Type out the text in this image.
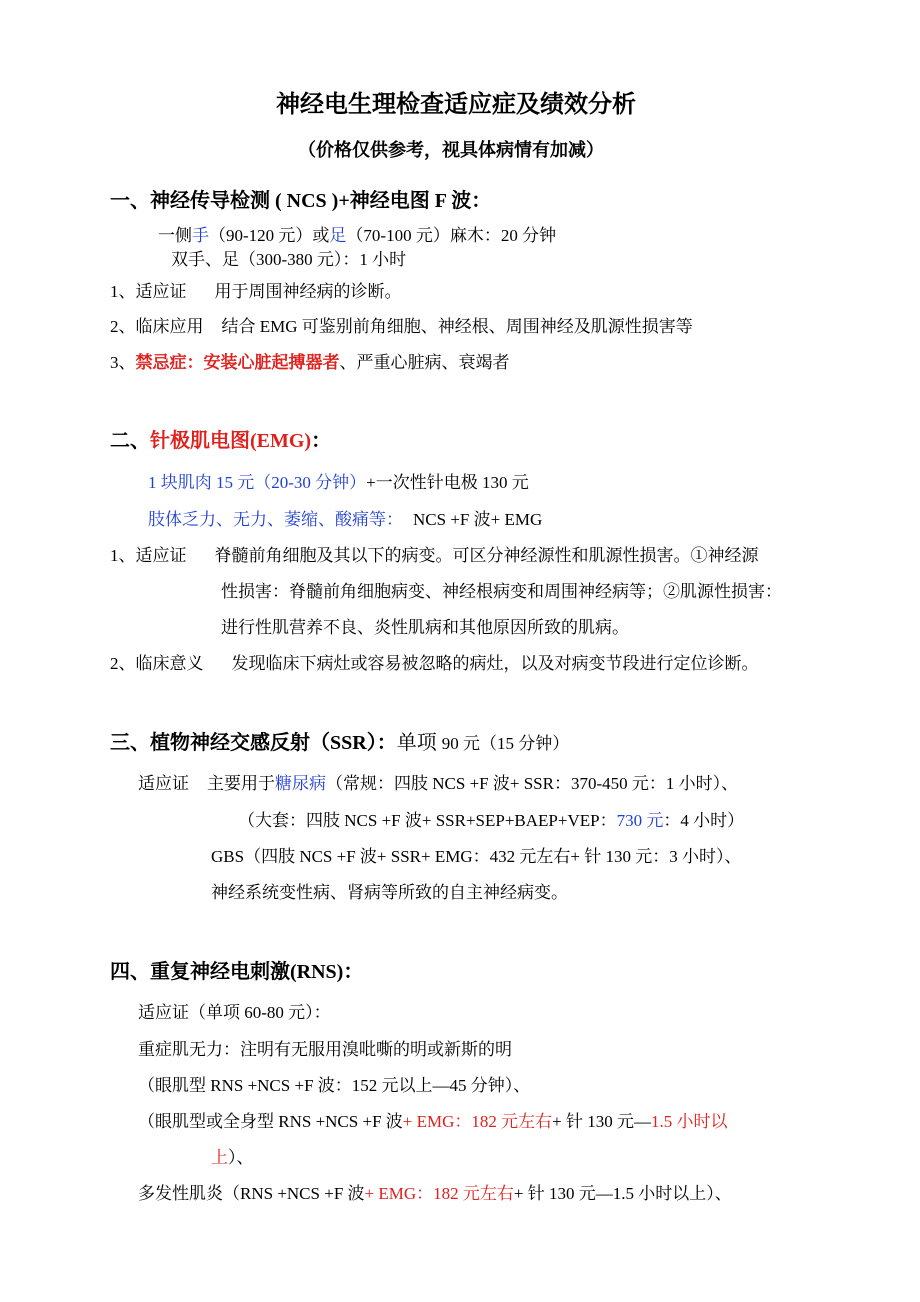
神经电生理检查适应症及绩效分析
（价格仅供参考，视具体病情有加减）
一、神经传导检测 ( NCS )+神经电图 F 波：
一侧手（90-120 元）或足（70-100 元）麻木：20 分钟
双手、足（300-380 元）：1 小时
1、适应证 用于周围神经病的诊断。
2、临床应用 结合 EMG 可鉴别前角细胞、神经根、周围神经及肌源性损害等
3、禁忌症：安装心脏起搏器者、严重心脏病、衰竭者
二、针极肌电图(EMG)：
1 块肌肉 15 元（20-30 分钟）+一次性针电极 130 元
肢体乏力、无力、萎缩、酸痛等： NCS +F 波+ EMG
1、适应证 脊髓前角细胞及其以下的病变。可区分神经源性和肌源性损害。①神经源
性损害：脊髓前角细胞病变、神经根病变和周围神经病等；②肌源性损害：
进行性肌营养不良、炎性肌病和其他原因所致的肌病。
2、临床意义 发现临床下病灶或容易被忽略的病灶，以及对病变节段进行定位诊断。
三、植物神经交感反射（SSR）：单项 90 元（15 分钟）
适应证 主要用于糖尿病（常规：四肢 NCS +F 波+ SSR：370-450 元：1 小时）、
（大套：四肢 NCS +F 波+ SSR+SEP+BAEP+VEP：730 元：4 小时）
GBS（四肢 NCS +F 波+ SSR+ EMG：432 元左右+ 针 130 元：3 小时）、
神经系统变性病、肾病等所致的自主神经病变。
四、重复神经电刺激(RNS)：
适应证（单项 60-80 元）：
重症肌无力：注明有无服用溴吡嘶的明或新斯的明
（眼肌型 RNS +NCS +F 波：152 元以上—45 分钟）、
（眼肌型或全身型 RNS +NCS +F 波+ EMG：182 元左右+ 针 130 元—1.5 小时以
上）、
多发性肌炎（RNS +NCS +F 波+ EMG：182 元左右+ 针 130 元—1.5 小时以上）、
